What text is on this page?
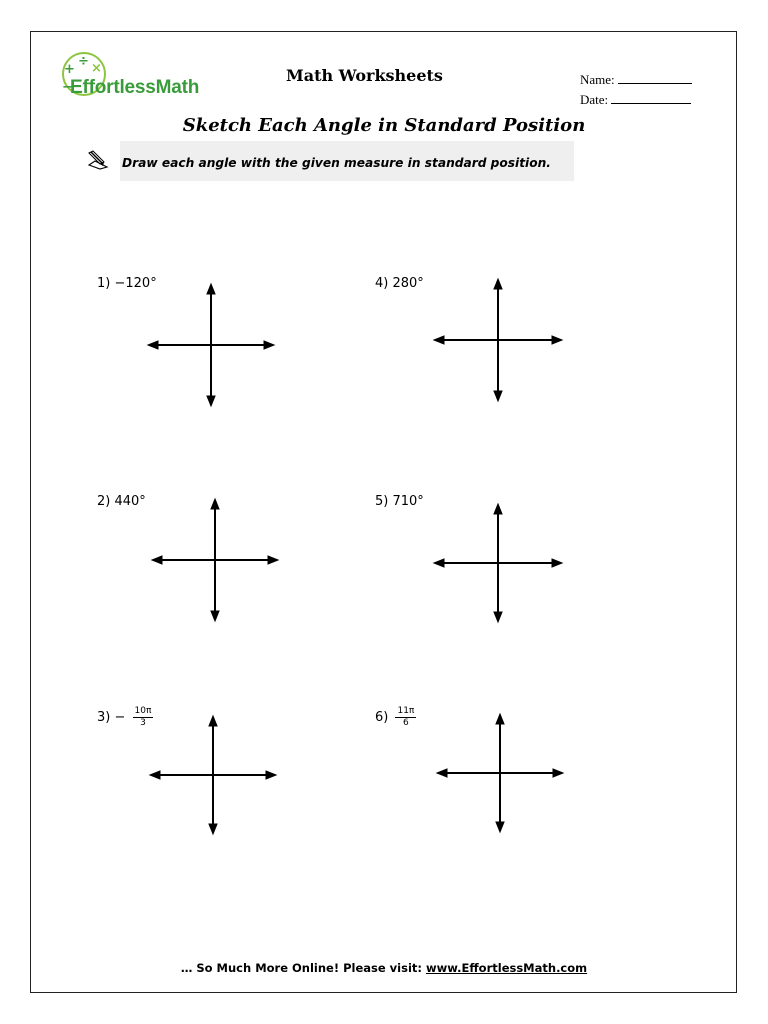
+
÷ ×
−
EffortlessMath
Math Worksheets	Name:
Date:
Sketch Each Angle in Standard Position
Draw each angle with the given measure in standard position.
1) −120°
2) 440°
$3) - \frac{10\pi}{3}$
4) 280°
5) 710°
$6) \frac{11\pi}{6}$
… So Much More Online! Please visit: www.EffortlessMath.com
